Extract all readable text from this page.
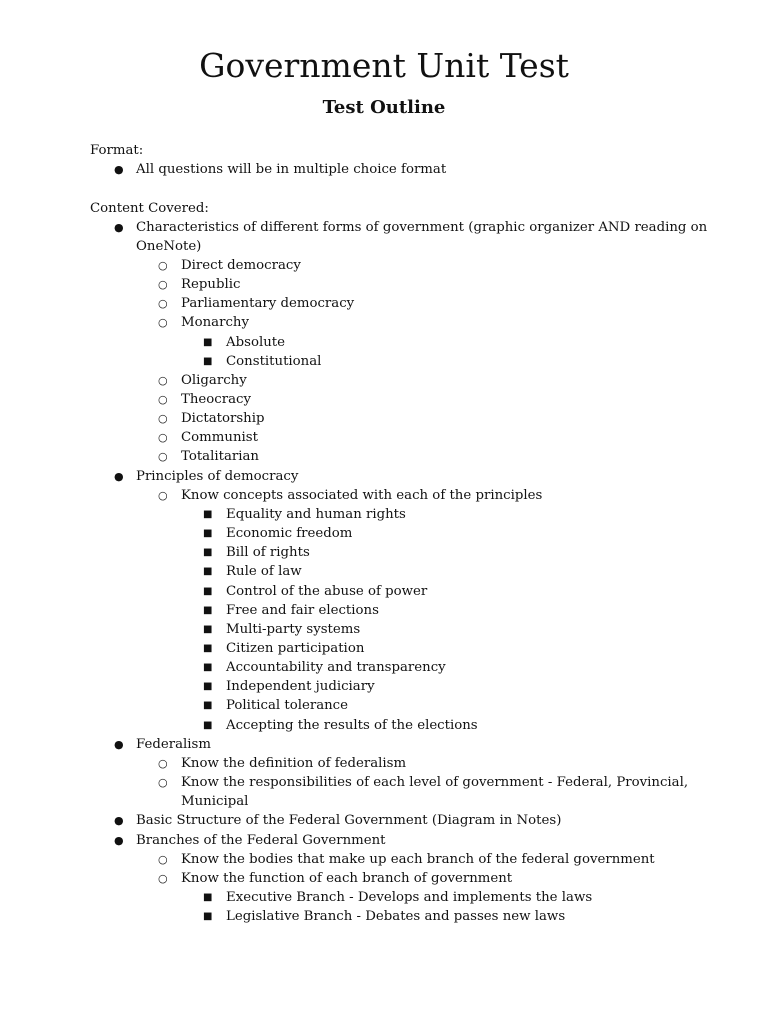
Government Unit Test
Test Outline
Format:
● All questions will be in multiple choice format
Content Covered:
● Characteristics of different forms of government (graphic organizer AND reading on
OneNote)
○ Direct democracy
○ Republic
○ Parliamentary democracy
○ Monarchy
■ Absolute
■ Constitutional
○ Oligarchy
○ Theocracy
○ Dictatorship
○ Communist
○ Totalitarian
● Principles of democracy
○ Know concepts associated with each of the principles
■ Equality and human rights
■ Economic freedom
■ Bill of rights
■ Rule of law
■ Control of the abuse of power
■ Free and fair elections
■ Multi-party systems
■ Citizen participation
■ Accountability and transparency
■ Independent judiciary
■ Political tolerance
■ Accepting the results of the elections
● Federalism
○ Know the definition of federalism
○ Know the responsibilities of each level of government - Federal, Provincial,
Municipal
● Basic Structure of the Federal Government (Diagram in Notes)
● Branches of the Federal Government
○ Know the bodies that make up each branch of the federal government
○ Know the function of each branch of government
■ Executive Branch - Develops and implements the laws
■ Legislative Branch - Debates and passes new laws
